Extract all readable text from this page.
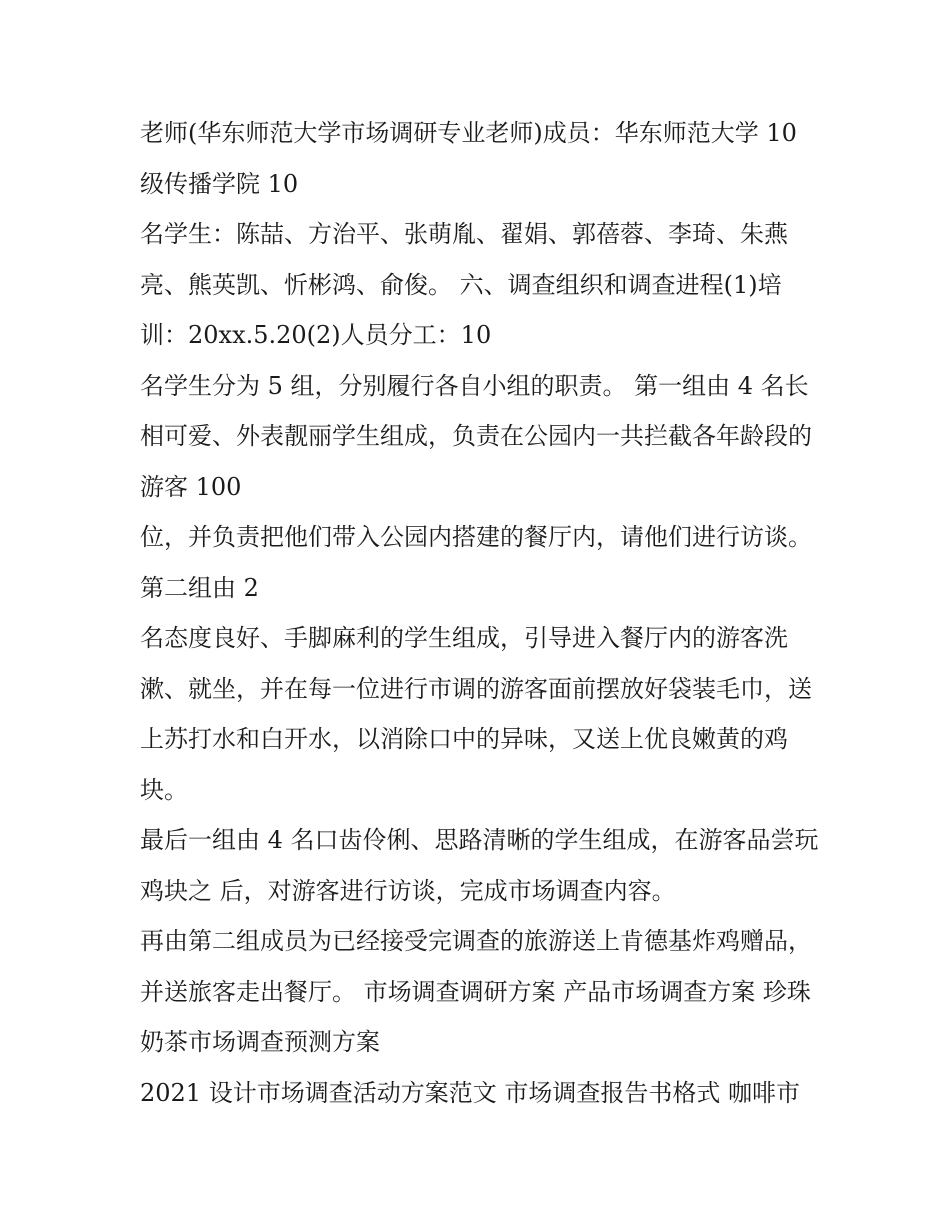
老师(华东师范大学市场调研专业老师)成员：华东师范大学 10 级传播学院 10

名学生：陈喆、方治平、张萌胤、翟娟、郭蓓蓉、李琦、朱燕亮、熊英凯、忻彬鸿、俞俊。 六、调查组织和调查进程(1)培训：20xx.5.20(2)人员分工：10

名学生分为 5 组，分别履行各自小组的职责。 第一组由 4 名长相可爱、外表靓丽学生组成，负责在公园内一共拦截各年龄段的游客 100

位，并负责把他们带入公园内搭建的餐厅内，请他们进行访谈。 第二组由 2

名态度良好、手脚麻利的学生组成，引导进入餐厅内的游客洗漱、就坐，并在每一位进行市调的游客面前摆放好袋装毛巾，送上苏打水和白开水，以消除口中的异味，又送上优良嫩黄的鸡块。

最后一组由 4 名口齿伶俐、思路清晰的学生组成，在游客品尝玩鸡块之 后，对游客进行访谈，完成市场调查内容。

再由第二组成员为已经接受完调查的旅游送上肯德基炸鸡赠品，并送旅客走出餐厅。 市场调查调研方案 产品市场调查方案 珍珠奶茶市场调查预测方案

2021 设计市场调查活动方案范文 市场调查报告书格式 咖啡市
